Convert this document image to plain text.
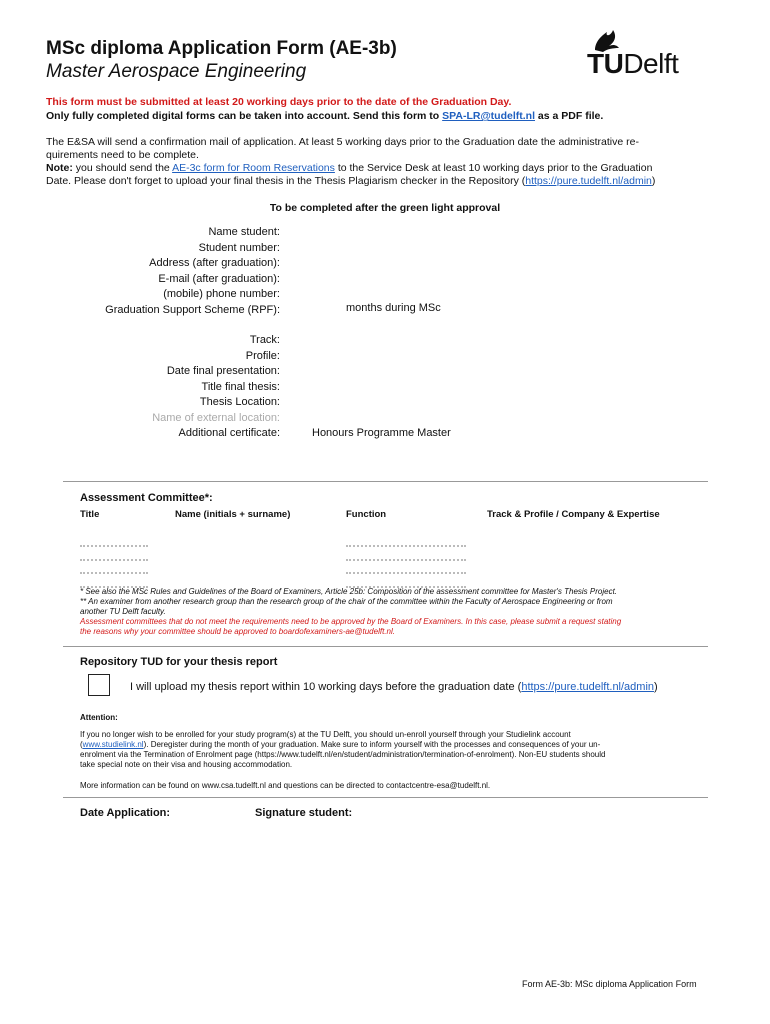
MSc diploma Application Form (AE-3b)
Master Aerospace Engineering	TUDelft
This form must be submitted at least 20 working days prior to the date of the Graduation Day.
Only fully completed digital forms can be taken into account. Send this form to SPA-LR@tudelft.nl as a PDF file.
The E&SA will send a confirmation mail of application. At least 5 working days prior to the Graduation date the administrative re-
quirements need to be complete.
Note: you should send the AE-3c form for Room Reservations to the Service Desk at least 10 working days prior to the Graduation
Date. Please don't forget to upload your final thesis in the Thesis Plagiarism checker in the Repository (https://pure.tudelft.nl/admin)
To be completed after the green light approval
Name student:
Student number:
Address (after graduation):
E-mail (after graduation):
(mobile) phone number:
Graduation Support Scheme (RPF):	months during MSc
Track:
Profile:
Date final presentation:
Title final thesis:
Thesis Location:
Name of external location:
Additional certificate:	Honours Programme Master
Assessment Committee*:
Title	Name (initials + surname)	Function	Track & Profile / Company & Expertise
* See also the MSc Rules and Guidelines of the Board of Examiners, Article 25b: Composition of the assessment committee for Master's Thesis Project.
** An examiner from another research group than the research group of the chair of the committee within the Faculty of Aerospace Engineering or from
another TU Delft faculty.
Assessment committees that do not meet the requirements need to be approved by the Board of Examiners. In this case, please submit a request stating
the reasons why your committee should be approved to boardofexaminers-ae@tudelft.nl.
Repository TUD for your thesis report
I will upload my thesis report within 10 working days before the graduation date (https://pure.tudelft.nl/admin)
Attention:
If you no longer wish to be enrolled for your study program(s) at the TU Delft, you should un-enroll yourself through your Studielink account
(www.studielink.nl). Deregister during the month of your graduation. Make sure to inform yourself with the processes and consequences of your un-
enrolment via the Termination of Enrolment page (https://www.tudelft.nl/en/student/administration/termination-of-enrolment). Non-EU students should
take special note on their visa and housing accommodation.
More information can be found on www.csa.tudelft.nl and questions can be directed to contactcentre-esa@tudelft.nl.
Date Application:	Signature student:
Form AE-3b: MSc diploma Application Form
